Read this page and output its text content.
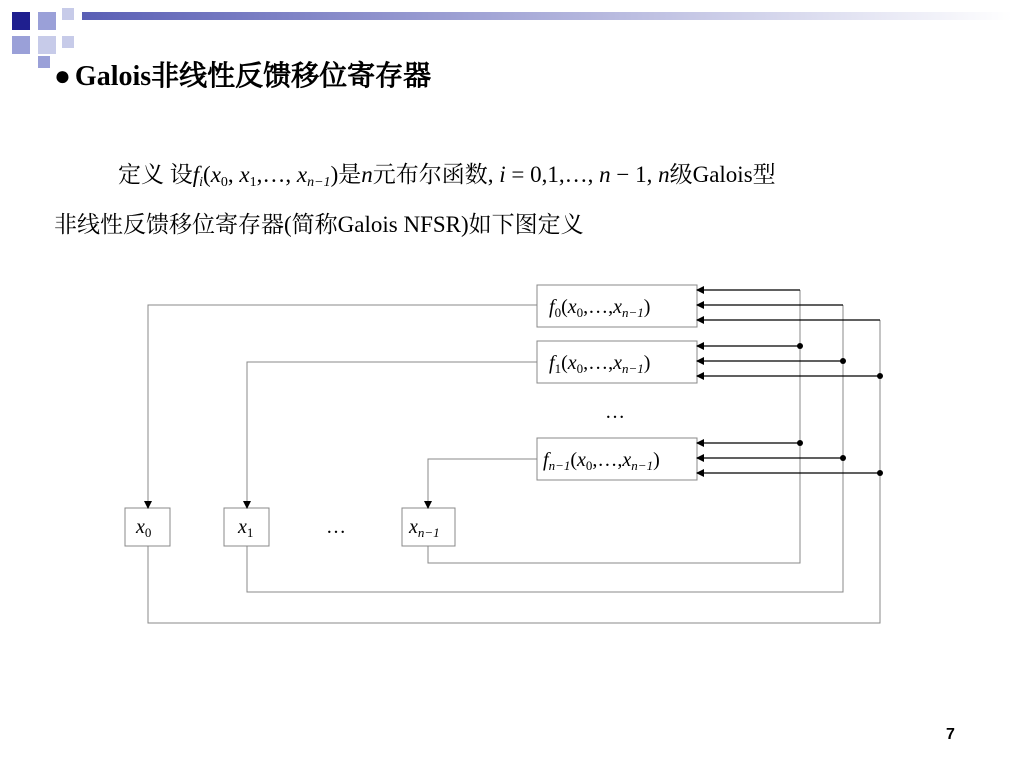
● Galois非线性反馈移位寄存器
定义 设$f_i(x_0$, $x_1,\dots$, $x_{n-1}$)是n元布尔函数, i = 0,1,…, n − 1, n级Galois型
非线性反馈移位寄存器(简称Galois NFSR)如下图定义
$f_0(x_0,\dots,x_{n-1})$
$f_1(x_0,\dots,x_{n-1})$
$f_{n-1}(x_0,\dots,x_{n-1})$
…
$x_0$	$x_1$	$x_{n-1}$
…
7
